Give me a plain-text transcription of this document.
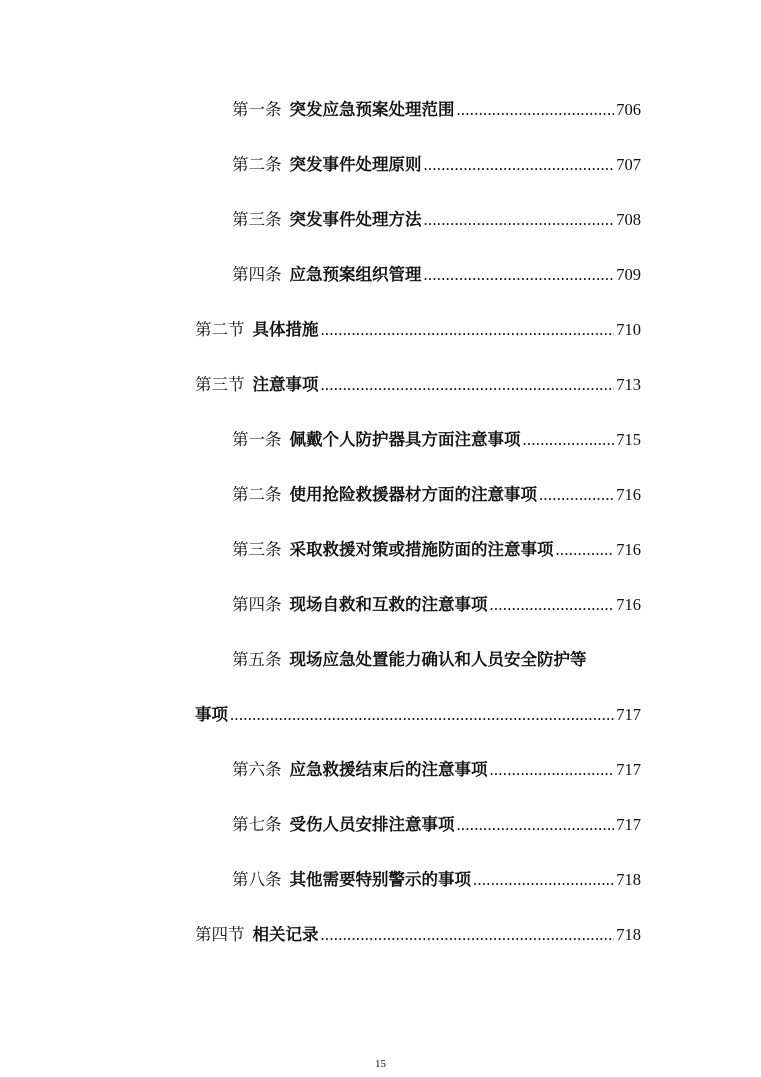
第一条 突发应急预案处理范围 .....	706
第二条 突发事件处理原则 .....	707
第三条 突发事件处理方法 .....	708
第四条 应急预案组织管理 .....	709
第二节 具体措施 .....	710
第三节 注意事项 .....	713
第一条 佩戴个人防护器具方面注意事项 .....	715
第二条 使用抢险救援器材方面的注意事项 .....	716
第三条 采取救援对策或措施防面的注意事项 .....	716
第四条 现场自救和互救的注意事项 .....	716
第五条 现场应急处置能力确认和人员安全防护等
事项 .....	717
第六条 应急救援结束后的注意事项 .....	717
第七条 受伤人员安排注意事项 .....	717
第八条 其他需要特别警示的事项 .....	718
第四节 相关记录 .....	718
15
